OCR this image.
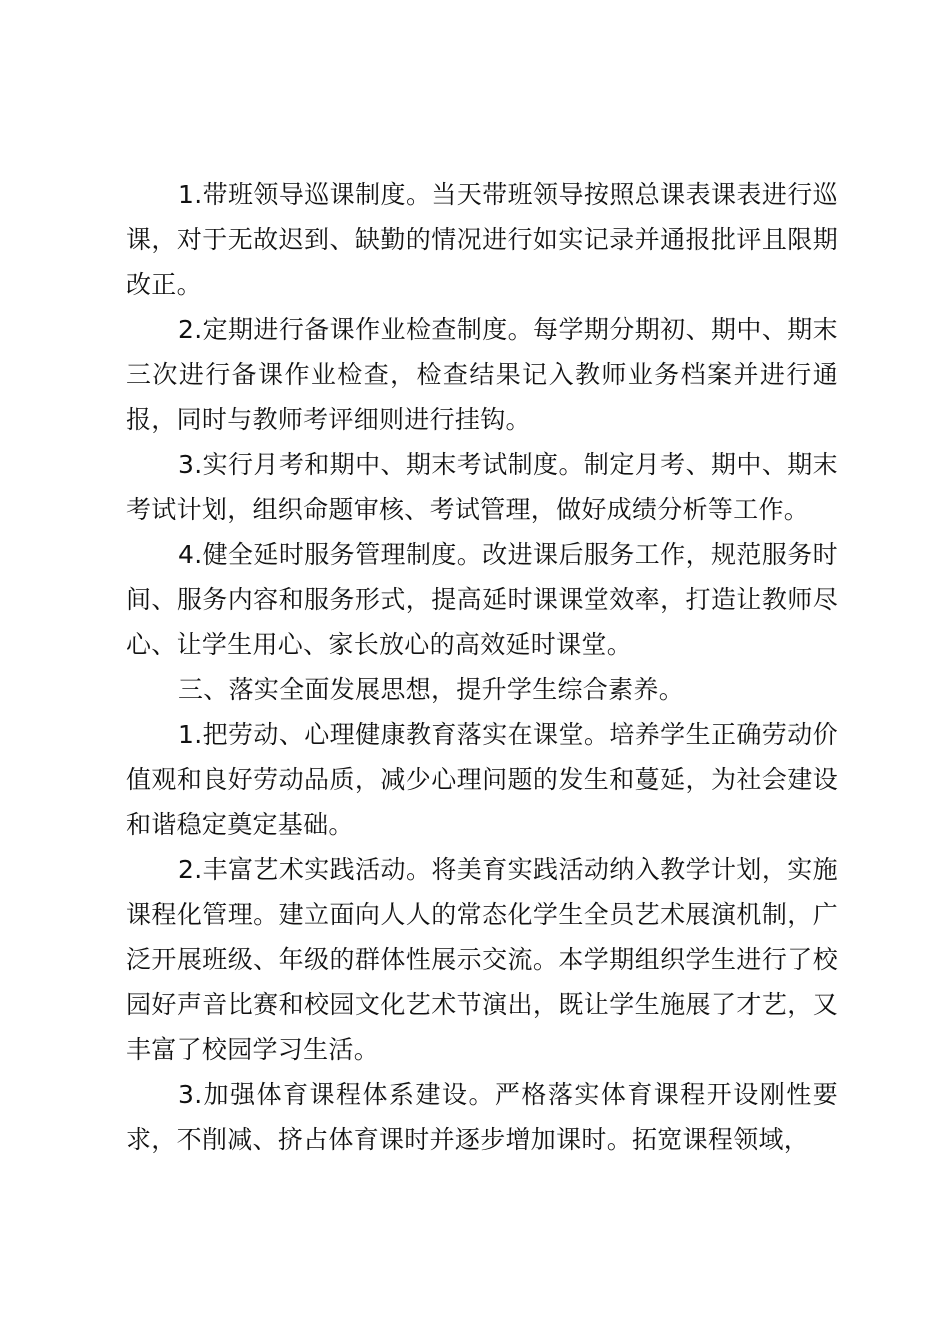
1.带班领导巡课制度。当天带班领导按照总课表课表进行巡课，对于无故迟到、缺勤的情况进行如实记录并通报批评且限期改正。

2.定期进行备课作业检查制度。每学期分期初、期中、期末三次进行备课作业检查，检查结果记入教师业务档案并进行通报，同时与教师考评细则进行挂钩。

3.实行月考和期中、期末考试制度。制定月考、期中、期末考试计划，组织命题审核、考试管理，做好成绩分析等工作。

4.健全延时服务管理制度。改进课后服务工作，规范服务时间、服务内容和服务形式，提高延时课课堂效率，打造让教师尽心、让学生用心、家长放心的高效延时课堂。

三、落实全面发展思想，提升学生综合素养。

1.把劳动、心理健康教育落实在课堂。培养学生正确劳动价值观和良好劳动品质，减少心理问题的发生和蔓延，为社会建设和谐稳定奠定基础。

2.丰富艺术实践活动。将美育实践活动纳入教学计划，实施课程化管理。建立面向人人的常态化学生全员艺术展演机制，广泛开展班级、年级的群体性展示交流。本学期组织学生进行了校园好声音比赛和校园文化艺术节演出，既让学生施展了才艺，又丰富了校园学习生活。

3.加强体育课程体系建设。严格落实体育课程开设刚性要求，不削减、挤占体育课时并逐步增加课时。拓宽课程领域，
